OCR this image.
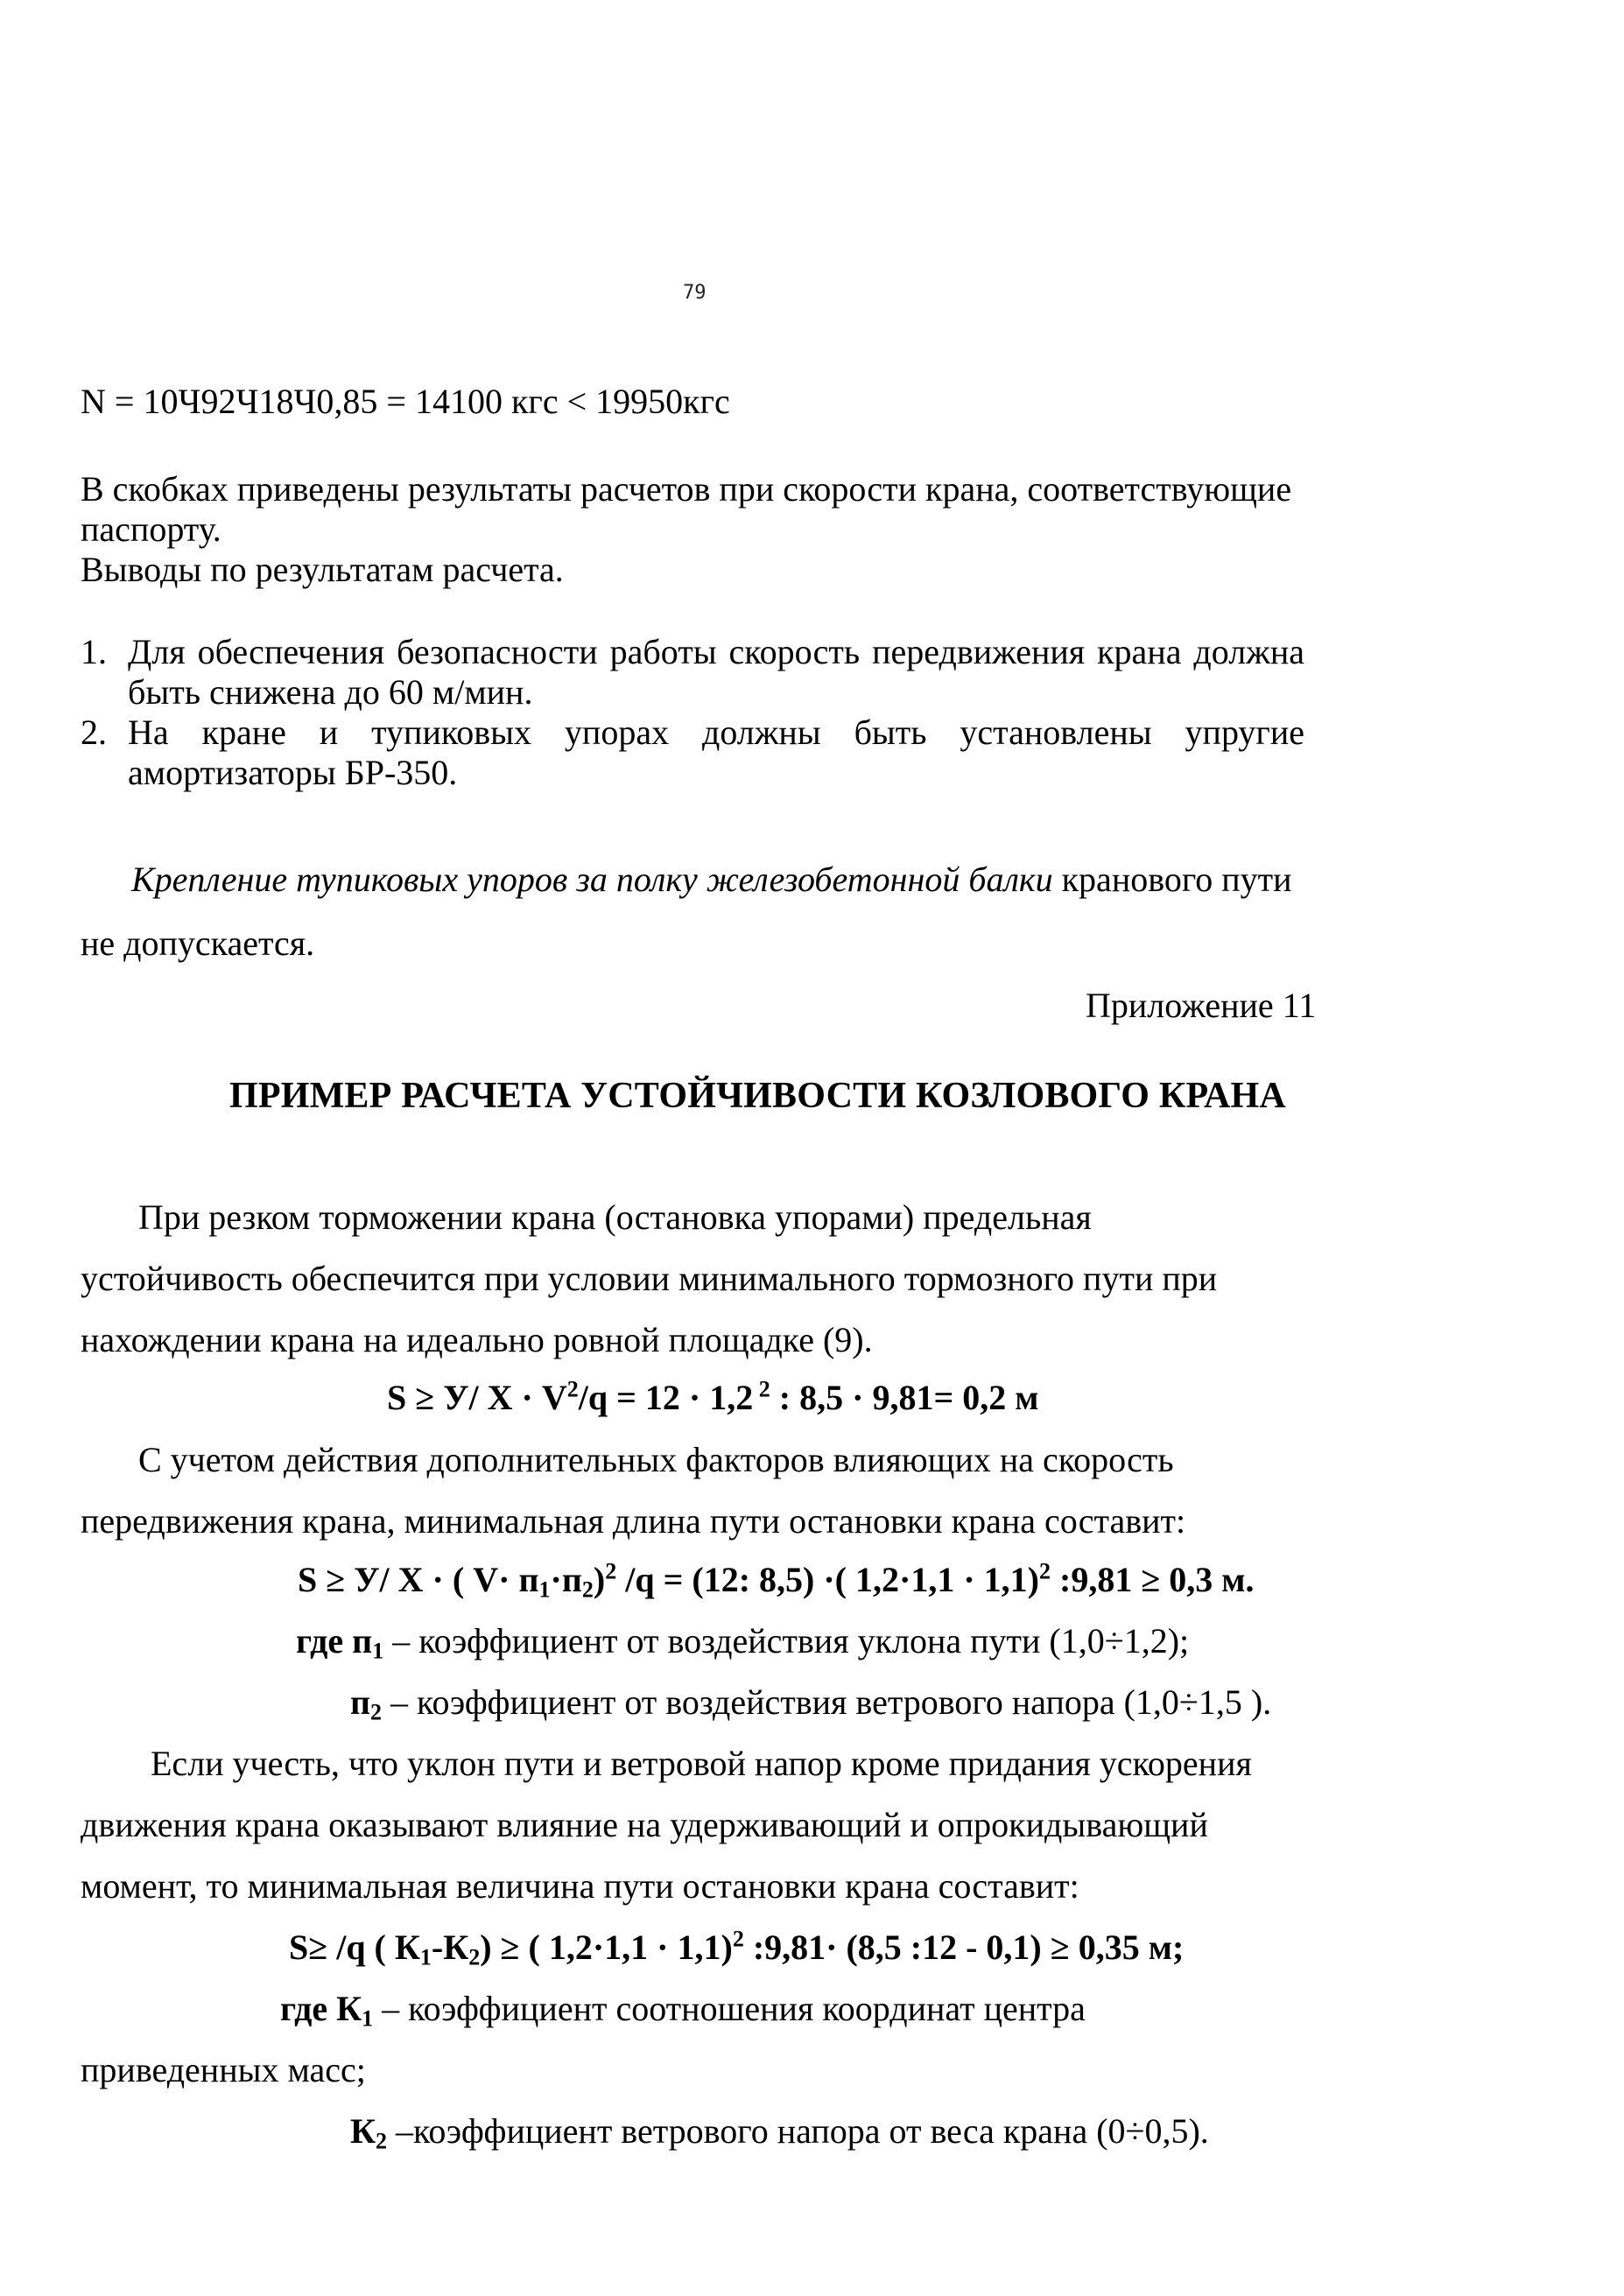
79
N = 10Ч92Ч18Ч0,85 = 14100 кгс < 19950кгс
В скобках приведены результаты расчетов при скорости крана, соответствующие
паспорту.
Выводы по результатам расчета.
1. Для обеспечения безопасности работы скорость передвижения крана должна
быть снижена до 60 м/мин.
2. На кране и тупиковых упорах должны быть установлены упругие
амортизаторы БР-350.
Крепление тупиковых упоров за полку железобетонной балки кранового пути
не допускается.
Приложение 11
ПРИМЕР РАСЧЕТА УСТОЙЧИВОСТИ КОЗЛОВОГО КРАНА
При резком торможении крана (остановка упорами) предельная
устойчивость обеспечится при условии минимального тормозного пути при
нахождении крана на идеально ровной площадке (9).
S ≥ У/ $Х \cdot V^2/q = 12 \cdot 1,2$ $^2$ : 8,5 · 9,81= 0,2 м
С учетом действия дополнительных факторов влияющих на скорость
передвижения крана, минимальная длина пути остановки крана составит:
S ≥ У/ Х · ( $V\cdot п_1\cdot п_2)^2$ /q = (12: 8,5) ·( 1,2·1,1 · 1,1)$^2$ :9,81 ≥ 0,3 м.
где $п_1$ – коэффициент от воздействия уклона пути (1,0÷1,2);
$п_2$ – коэффициент от воздействия ветрового напора (1,0÷1,5 ).
Если учесть, что уклон пути и ветровой напор кроме придания ускорения
движения крана оказывают влияние на удерживающий и опрокидывающий
момент, то минимальная величина пути остановки крана составит:
S≥ /q ( $К_1-К_2$) ≥ ( 1,2·1,1 · 1,1)$^2$ :9,81· (8,5 :12 - 0,1) ≥ 0,35 м;
где $К_1$ – коэффициент соотношения координат центра
приведенных масс;
$К_2$ –коэффициент ветрового напора от веса крана (0÷0,5).
